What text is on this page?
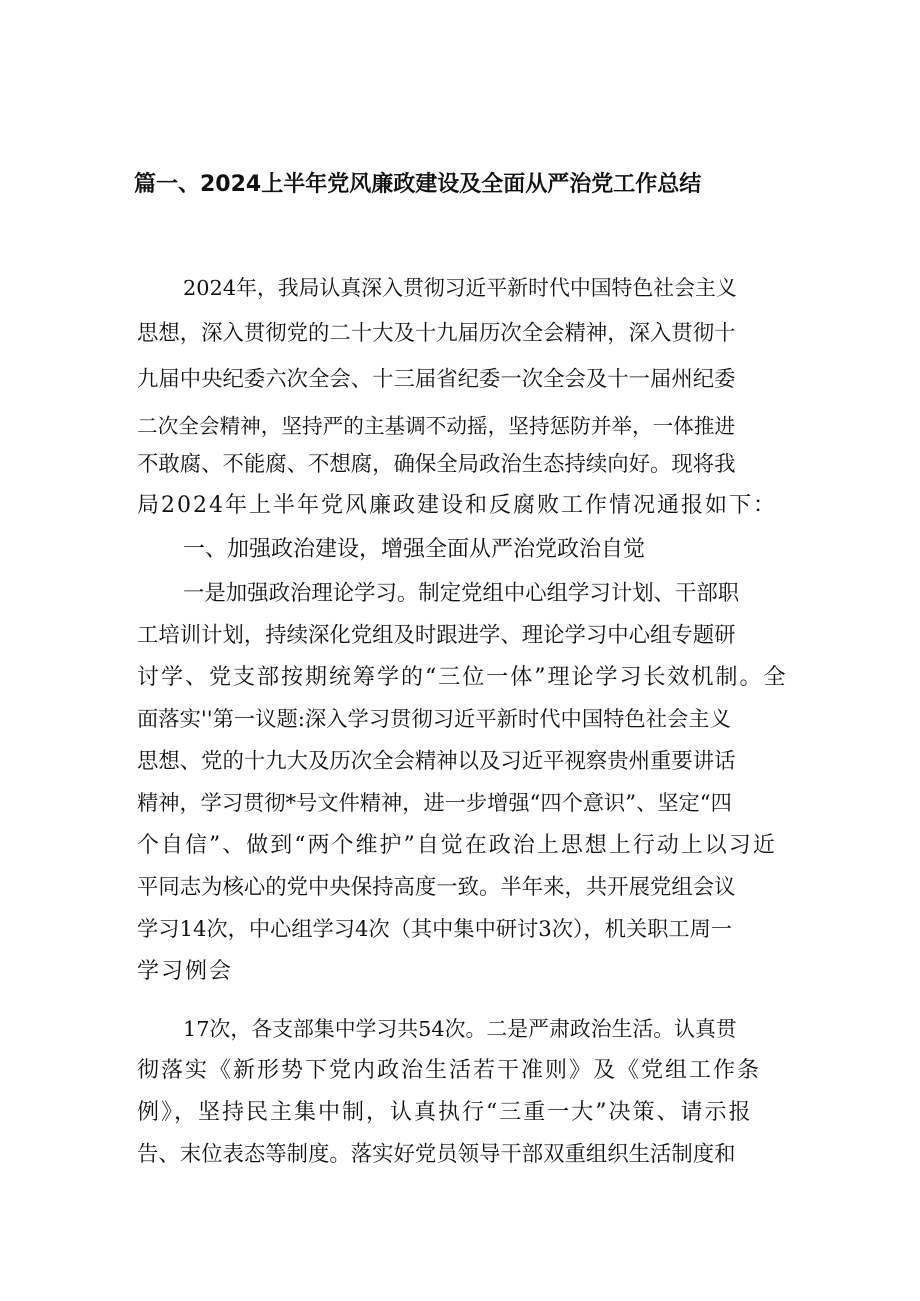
篇一、2024上半年党风廉政建设及全面从严治党工作总结
2024年，我局认真深入贯彻习近平新时代中国特色社会主义
思想，深入贯彻党的二十大及十九届历次全会精神，深入贯彻十
九届中央纪委六次全会、十三届省纪委一次全会及十一届州纪委
二次全会精神，坚持严的主基调不动摇，坚持惩防并举，一体推进
不敢腐、不能腐、不想腐，确保全局政治生态持续向好。现将我
局2024年上半年党风廉政建设和反腐败工作情况通报如下：
一、加强政治建设，增强全面从严治党政治自觉
一是加强政治理论学习。制定党组中心组学习计划、干部职
工培训计划，持续深化党组及时跟进学、理论学习中心组专题研
讨学、党支部按期统筹学的“三位一体”理论学习长效机制。全
面落实''第一议题:深入学习贯彻习近平新时代中国特色社会主义
思想、党的十九大及历次全会精神以及习近平视察贵州重要讲话
精神，学习贯彻*号文件精神，进一步增强“四个意识”、坚定“四
个自信”、做到“两个维护”自觉在政治上思想上行动上以习近
平同志为核心的党中央保持高度一致。半年来，共开展党组会议
学习14次，中心组学习4次（其中集中研讨3次），机关职工周一
学习例会
17次，各支部集中学习共54次。二是严肃政治生活。认真贯
彻落实《新形势下党内政治生活若干准则》及《党组工作条
例》，坚持民主集中制，认真执行“三重一大”决策、请示报
告、末位表态等制度。落实好党员领导干部双重组织生活制度和
